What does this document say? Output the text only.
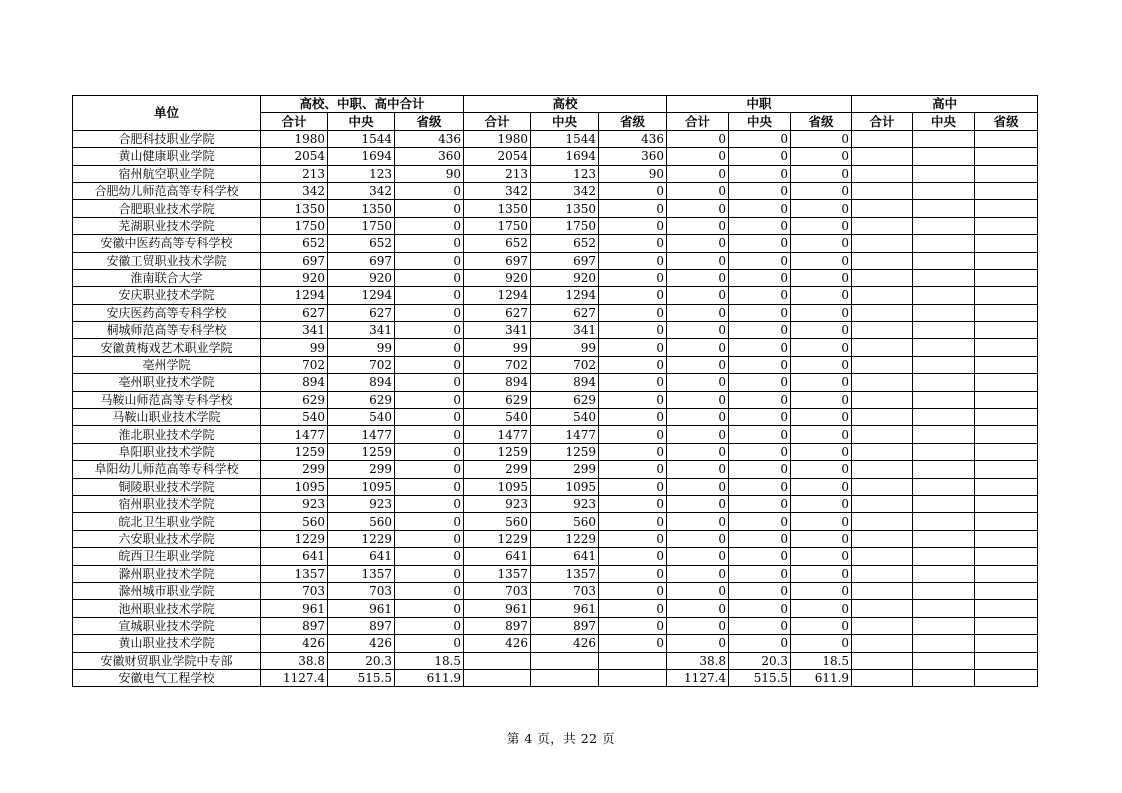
单位	高校、中职、高中合计			高校			中职			高中		
	合计	中央	省级	合计	中央	省级	合计	中央	省级	合计	中央	省级
合肥科技职业学院	1980	1544	436	1980	1544	436	0	0	0			
黄山健康职业学院	2054	1694	360	2054	1694	360	0	0	0			
宿州航空职业学院	213	123	90	213	123	90	0	0	0			
合肥幼儿师范高等专科学校	342	342	0	342	342	0	0	0	0			
合肥职业技术学院	1350	1350	0	1350	1350	0	0	0	0			
芜湖职业技术学院	1750	1750	0	1750	1750	0	0	0	0			
安徽中医药高等专科学校	652	652	0	652	652	0	0	0	0			
安徽工贸职业技术学院	697	697	0	697	697	0	0	0	0			
淮南联合大学	920	920	0	920	920	0	0	0	0			
安庆职业技术学院	1294	1294	0	1294	1294	0	0	0	0			
安庆医药高等专科学校	627	627	0	627	627	0	0	0	0			
桐城师范高等专科学校	341	341	0	341	341	0	0	0	0			
安徽黄梅戏艺术职业学院	99	99	0	99	99	0	0	0	0			
亳州学院	702	702	0	702	702	0	0	0	0			
亳州职业技术学院	894	894	0	894	894	0	0	0	0			
马鞍山师范高等专科学校	629	629	0	629	629	0	0	0	0			
马鞍山职业技术学院	540	540	0	540	540	0	0	0	0			
淮北职业技术学院	1477	1477	0	1477	1477	0	0	0	0			
阜阳职业技术学院	1259	1259	0	1259	1259	0	0	0	0			
阜阳幼儿师范高等专科学校	299	299	0	299	299	0	0	0	0			
铜陵职业技术学院	1095	1095	0	1095	1095	0	0	0	0			
宿州职业技术学院	923	923	0	923	923	0	0	0	0			
皖北卫生职业学院	560	560	0	560	560	0	0	0	0			
六安职业技术学院	1229	1229	0	1229	1229	0	0	0	0			
皖西卫生职业学院	641	641	0	641	641	0	0	0	0			
滁州职业技术学院	1357	1357	0	1357	1357	0	0	0	0			
滁州城市职业学院	703	703	0	703	703	0	0	0	0			
池州职业技术学院	961	961	0	961	961	0	0	0	0			
宣城职业技术学院	897	897	0	897	897	0	0	0	0			
黄山职业技术学院	426	426	0	426	426	0	0	0	0			
安徽财贸职业学院中专部	38.8	20.3	18.5				38.8	20.3	18.5			
安徽电气工程学校	1127.4	515.5	611.9				1127.4	515.5	611.9			
第 4 页，共 22 页
